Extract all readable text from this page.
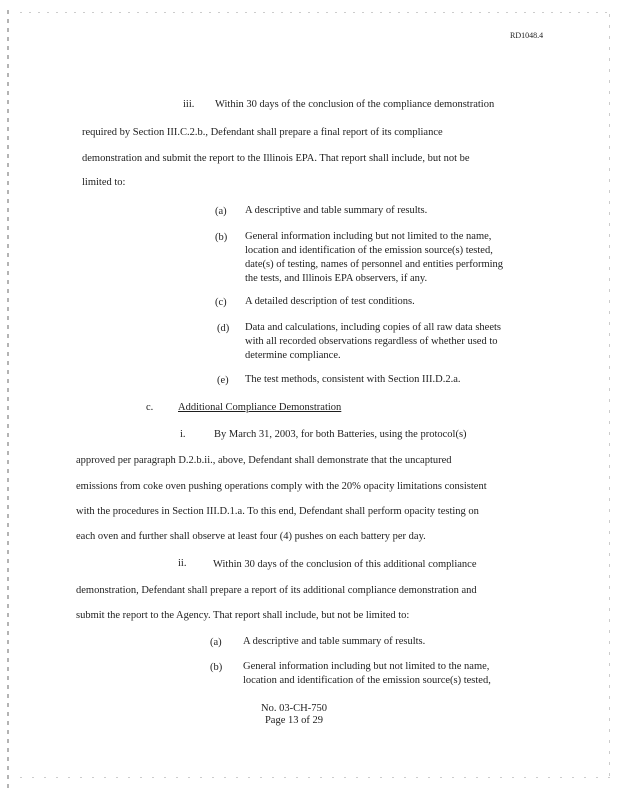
RD1048.4
iii. Within 30 days of the conclusion of the compliance demonstration
required by Section III.C.2.b., Defendant shall prepare a final report of its compliance
demonstration and submit the report to the Illinois EPA. That report shall include, but not be
limited to:
(a) A descriptive and table summary of results.
(b) General information including but not limited to the name, location and identification of the emission source(s) tested, date(s) of testing, names of personnel and entities performing the tests, and Illinois EPA observers, if any.
(c) A detailed description of test conditions.
(d) Data and calculations, including copies of all raw data sheets with all recorded observations regardless of whether used to determine compliance.
(e) The test methods, consistent with Section III.D.2.a.
c. Additional Compliance Demonstration
i.	By March 31, 2003, for both Batteries, using the protocol(s)
approved per paragraph D.2.b.ii., above, Defendant shall demonstrate that the uncaptured
emissions from coke oven pushing operations comply with the 20% opacity limitations consistent
with the procedures in Section III.D.1.a. To this end, Defendant shall perform opacity testing on
each oven and further shall observe at least four (4) pushes on each battery per day.
ii.	Within 30 days of the conclusion of this additional compliance
demonstration, Defendant shall prepare a report of its additional compliance demonstration and
submit the report to the Agency. That report shall include, but not be limited to:
(a) A descriptive and table summary of results.
(b) General information including but not limited to the name, location and identification of the emission source(s) tested,
No. 03-CH-750
Page 13 of 29
